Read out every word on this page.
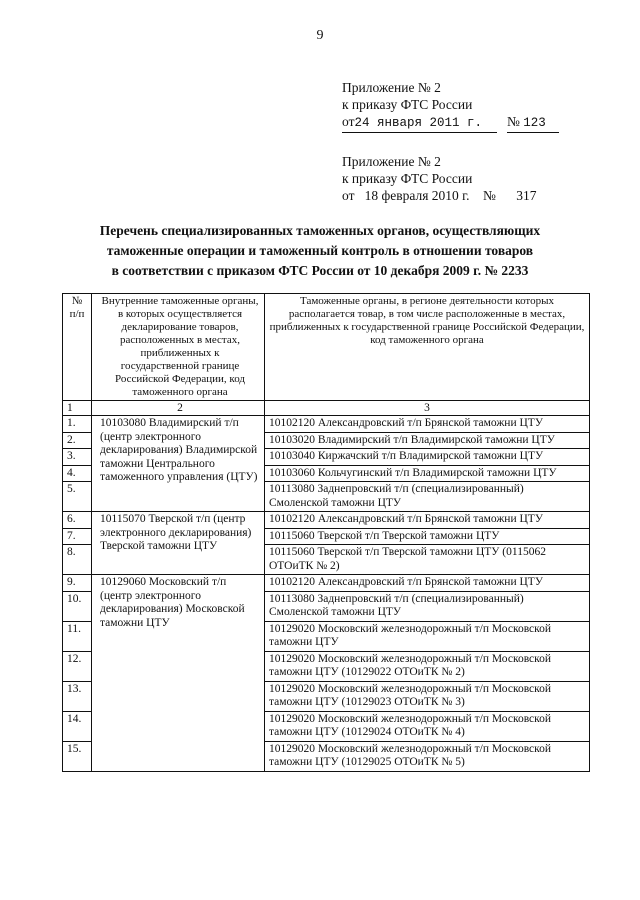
9
Приложение № 2
к приказу ФТС России
от24 января 2011 г. № 123
Приложение № 2
к приказу ФТС России
от 18 февраля 2010 г. № 317
Перечень специализированных таможенных органов, осуществляющих
таможенные операции и таможенный контроль в отношении товаров
в соответствии с приказом ФТС России от 10 декабря 2009 г. № 2233
№ п/п	Внутренние таможенные органы, в которых осуществляется декларирование товаров, расположенных в местах, приближенных к государственной границе Российской Федерации, код таможенного органа	Таможенные органы, в регионе деятельности которых располагается товар, в том числе расположенные в местах, приближенных к государственной границе Российской Федерации, код таможенного органа
1	2	3
1.	10103080 Владимирский т/п (центр электронного декларирования) Владимирской таможни Центрального таможенного управления (ЦТУ)	10102120 Александровский т/п Брянской таможни ЦТУ
2.		10103020 Владимирский т/п Владимирской таможни ЦТУ
3.		10103040 Киржачский т/п Владимирской таможни ЦТУ
4.		10103060 Кольчугинский т/п Владимирской таможни ЦТУ
5.		10113080 Заднепровский т/п (специализированный) Смоленской таможни ЦТУ
6.	10115070 Тверской т/п (центр электронного декларирования) Тверской таможни ЦТУ	10102120 Александровский т/п Брянской таможни ЦТУ
7.		10115060 Тверской т/п Тверской таможни ЦТУ
8.		10115060 Тверской т/п Тверской таможни ЦТУ (0115062 ОТОиТК № 2)
9.	10129060 Московский т/п (центр электронного декларирования) Московской таможни ЦТУ	10102120 Александровский т/п Брянской таможни ЦТУ
10.		10113080 Заднепровский т/п (специализированный) Смоленской таможни ЦТУ
11.		10129020 Московский железнодорожный т/п Московской таможни ЦТУ
12.		10129020 Московский железнодорожный т/п Московской таможни ЦТУ (10129022 ОТОиТК № 2)
13.		10129020 Московский железнодорожный т/п Московской таможни ЦТУ (10129023 ОТОиТК № 3)
14.		10129020 Московский железнодорожный т/п Московской таможни ЦТУ (10129024 ОТОиТК № 4)
15.		10129020 Московский железнодорожный т/п Московской таможни ЦТУ (10129025 ОТОиТК № 5)
